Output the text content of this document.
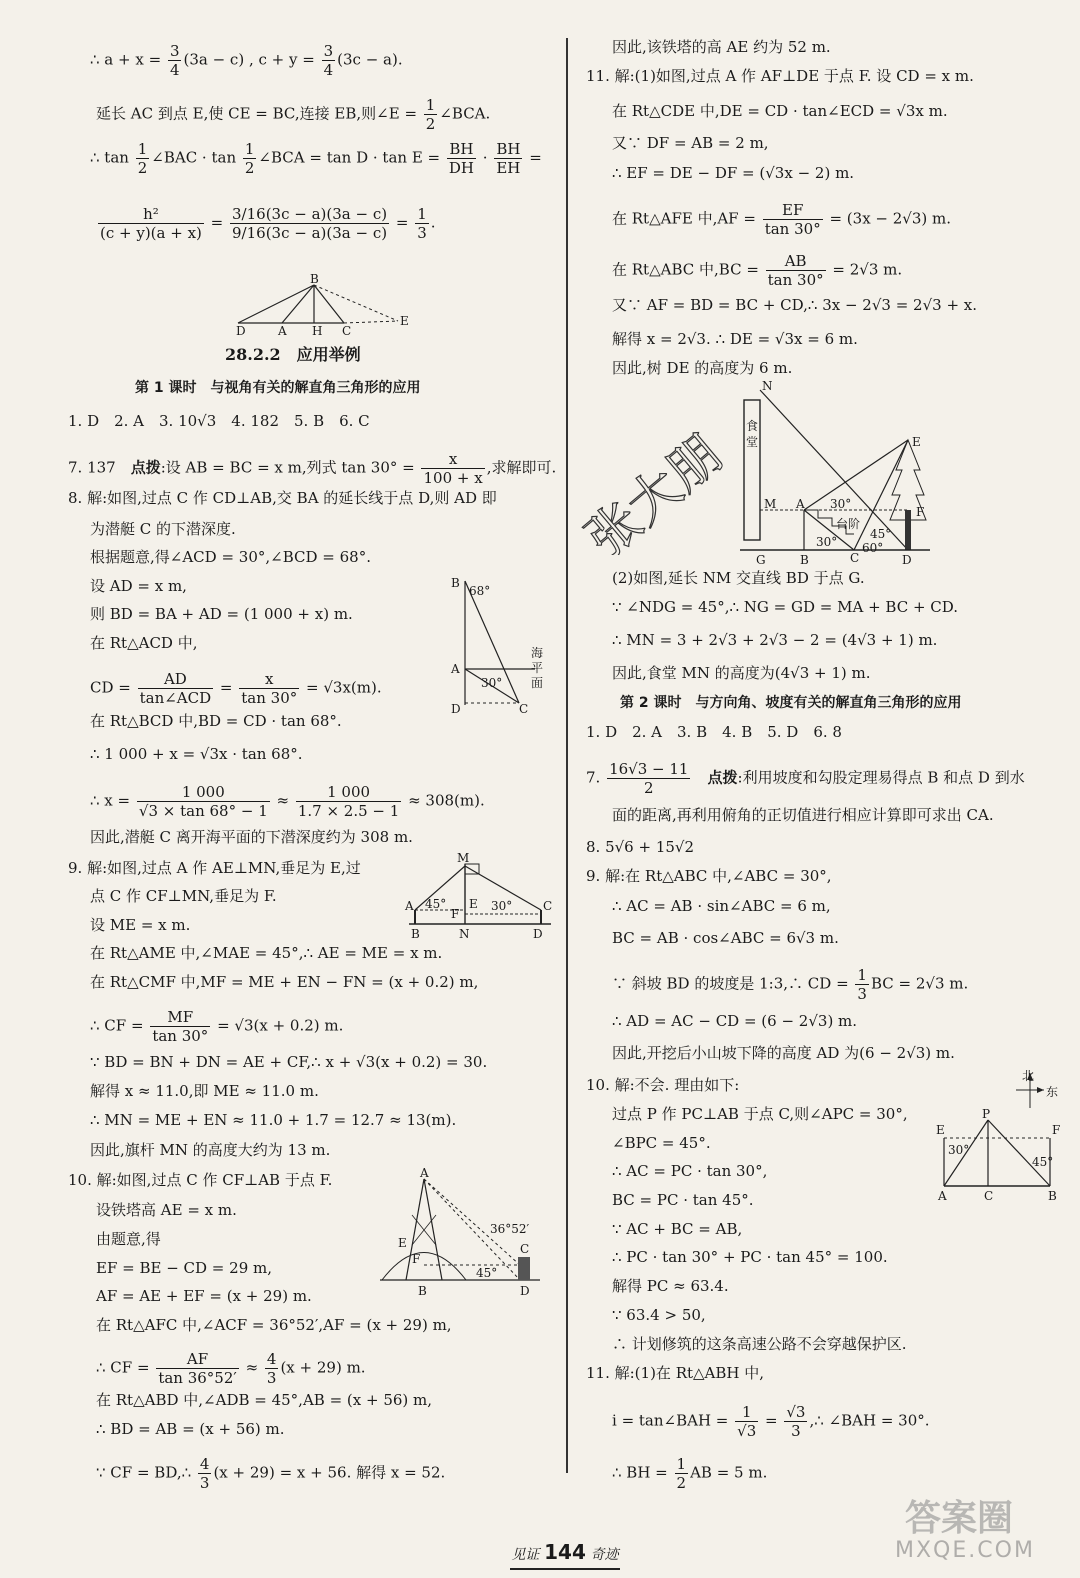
∴ $a + x = \frac{3}{4} (3a - c)$ , $c + y = \frac{3}{4} (3c - a)$.
延长 AC 到点 E,使 CE = BC,连接 EB,则∠E = $\frac{1}{2}$ ∠BCA.
∴ $\tan \frac{1}{2}$ ∠BAC · $\tan \frac{1}{2}$ ∠BCA = $\tan D \cdot \tan E = \frac{BH}{DH} \cdot \frac{BH}{EH}$ =
$\frac{\text{h²}}{(c + y)(a + x)} = \frac{3/16(3c - a)(3a - c)}{9/16(3c - a)(3a - c)} = \frac{1}{3}$ .
B
D	A H C
E
28.2.2　应用举例
第 1 课时　与视角有关的解直角三角形的应用
1. D　2. A　3. 10√3　4. 182　5. B　6. C
7. 137　点拨:设 AB = BC = x m,列式 $\tan 30^\circ = \frac{x}{100 + x}$ ,求解即可.
8. 解:如图,过点 C 作 CD⊥AB,交 BA 的延长线于点 D,则 AD 即
为潜艇 C 的下潜深度.
根据题意,得∠ACD = 30°,∠BCD = 68°.
设 AD = x m,
则 BD = BA + AD = (1 000 + x) m.
在 Rt△ACD 中,
CD = $\frac{AD}{\text{tan∠ACD}} = \frac{x}{\tan 30^\circ} = √3x(m)$.
在 Rt△BCD 中,BD = CD · tan 68°.
∴ 1 000 + x = √3x · tan 68°.
∴ $x = \frac{1 000}{√3 \times \tan 68^\circ - 1} \approx \frac{1 000}{1.7 \times 2.5 - 1} \approx 308(m)$.
因此,潜艇 C 离开海平面的下潜深度约为 308 m.
B
68°
A
30°
D	C
海
平
面
9. 解:如图,过点 A 作 AE⊥MN,垂足为 E,过
点 C 作 CF⊥MN,垂足为 F.
设 ME = x m.
在 Rt△AME 中,∠MAE = 45°,∴ AE = ME = x m.
在 Rt△CMF 中,MF = ME + EN − FN = (x + 0.2) m,
∴ CF = $\frac{MF}{\tan 30^\circ} = √3(x + 0.2)$ m.
∵ BD = BN + DN = AE + CF,∴ x + √3(x + 0.2) = 30.
解得 x ≈ 11.0,即 ME ≈ 11.0 m.
∴ MN = ME + EN ≈ 11.0 + 1.7 = 12.7 ≈ 13(m).
因此,旗杆 MN 的高度大约为 13 m.
M
45° E 30°
A
F
C
B	N	D
10. 解:如图,过点 C 作 CF⊥AB 于点 F.
设铁塔高 AE = x m.
由题意,得
EF = BE − CD = 29 m,
AF = AE + EF = (x + 29) m.
在 Rt△AFC 中,∠ACF = 36°52′,AF = (x + 29) m,
∴ CF = $\frac{AF}{\tan 36^\circ 52'} \approx \frac{4}{3} (x + 29)$ m.
在 Rt△ABD 中,∠ADB = 45°,AB = (x + 56) m,
∴ BD = AB = (x + 56) m.
∵ CF = BD,∴ $\frac{4}{3} (x + 29) = x + 56$. 解得 x = 52.
A
36°52′
E	C
F
45°
B	D
因此,该铁塔的高 AE 约为 52 m.
11. 解:(1)如图,过点 A 作 AF⊥DE 于点 F. 设 CD = x m.
在 Rt△CDE 中,DE = CD · tan∠ECD = √3x m.
又∵ DF = AB = 2 m,
∴ EF = DE − DF = (√3x − 2) m.
在 Rt△AFE 中$,AF = \frac{EF}{\tan 30^\circ} = (3x - 2√3)$ m.
在 Rt△ABC 中$,BC = \frac{AB}{\tan 30^\circ} = 2√3$ m.
又∵ AF = BD = BC + CD,∴ 3x − 2√3 = 2√3 + x.
解得 x = 2√3. ∴ DE = √3x = 6 m.
因此,树 DE 的高度为 6 m.
N
食
堂
M A 30°
台阶
45°
E
F
30°
C
60°
G	B	D
(2)如图,延长 NM 交直线 BD 于点 G.
∵ ∠NDG = 45°,∴ NG = GD = MA + BC + CD.
∴ MN = 3 + 2√3 + 2√3 − 2 = (4√3 + 1) m.
因此,食堂 MN 的高度为(4√3 + 1) m.
第 2 课时　与方向角、坡度有关的解直角三角形的应用
1. D　2. A　3. B　4. B　5. D　6. 8
7. $\frac{16√3 - 11}{2}$
　 点拨:利用坡度和勾股定理易得点 B 和点 D 到水
面的距离,再利用俯角的正切值进行相应计算即可求出 CA.
8. 5√6 + 15√2
9. 解:在 Rt△ABC 中,∠ABC = 30°,
∴ AC = AB · sin∠ABC = 6 m,
BC = AB · cos∠ABC = 6√3 m.
∵ 斜坡 BD 的坡度是 1:3,∴ CD = $\frac{1}{3}$ BC = 2√3 m.
∴ AD = AC − CD = (6 − 2√3) m.
因此,开挖后小山坡下降的高度 AD 为(6 − 2√3) m.
10. 解:不会. 理由如下:
过点 P 作 PC⊥AB 于点 C,则∠APC = 30°,
∠BPC = 45°.
∴ AC = PC · tan 30°,
BC = PC · tan 45°.
∵ AC + BC = AB,
∴ PC · tan 30° + PC · tan 45° = 100.
解得 PC ≈ 63.4.
∵ 63.4 > 50,
∴ 计划修筑的这条高速公路不会穿越保护区.
北
东
P
E	F
30°
45°
A	C	B
11. 解:(1)在 Rt△ABH 中,
i = tan∠BAH = $\frac{1}{√3} = \frac{√3}{3}$ ,∴ ∠BAH = 30°.
∴ BH = $\frac{1}{2}$ AB = 5 m.
张大朋
见证 144 奇迹
答案圈
MXQE.COM
